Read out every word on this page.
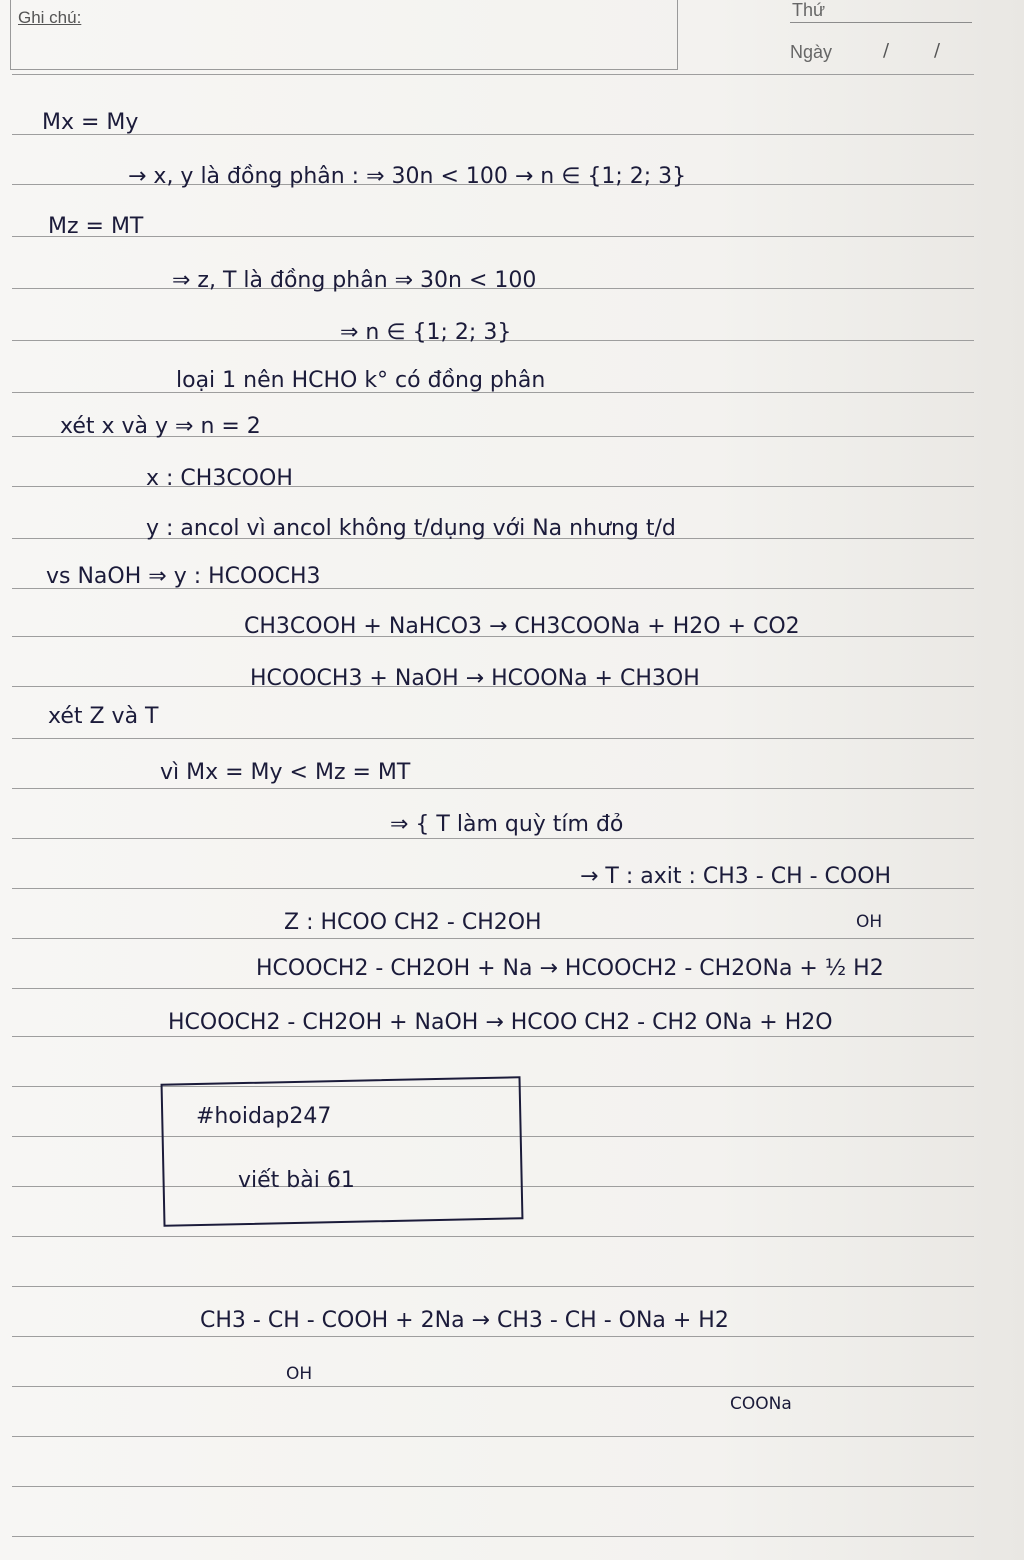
Ghi chú:	Thứ
Ngày	/ /
Mx = My
→ x, y là đồng phân : ⇒ 30n < 100 → n ∈ {1; 2; 3}
Mz = MT
⇒ z, T là đồng phân ⇒ 30n < 100
⇒ n ∈ {1; 2; 3}
loại 1 nên HCHO k° có đồng phân
xét x và y ⇒ n = 2
x : CH3COOH
y : ancol vì ancol không t/dụng với Na nhưng t/d
vs NaOH ⇒ y : HCOOCH3
CH3COOH + NaHCO3 → CH3COONa + H2O + CO2
HCOOCH3 + NaOH → HCOONa + CH3OH
xét Z và T
vì Mx = My < Mz = MT
⇒ { T làm quỳ tím đỏ
→ T : axit : CH3 - CH - COOH
OH
Z : HCOO CH2 - CH2OH
HCOOCH2 - CH2OH + Na → HCOOCH2 - CH2ONa + ½ H2
HCOOCH2 - CH2OH + NaOH → HCOO CH2 - CH2 ONa + H2O
#hoidap247
viết bài 61
CH3 - CH - COOH + 2Na → CH3 - CH - ONa + H2
OH
COONa
